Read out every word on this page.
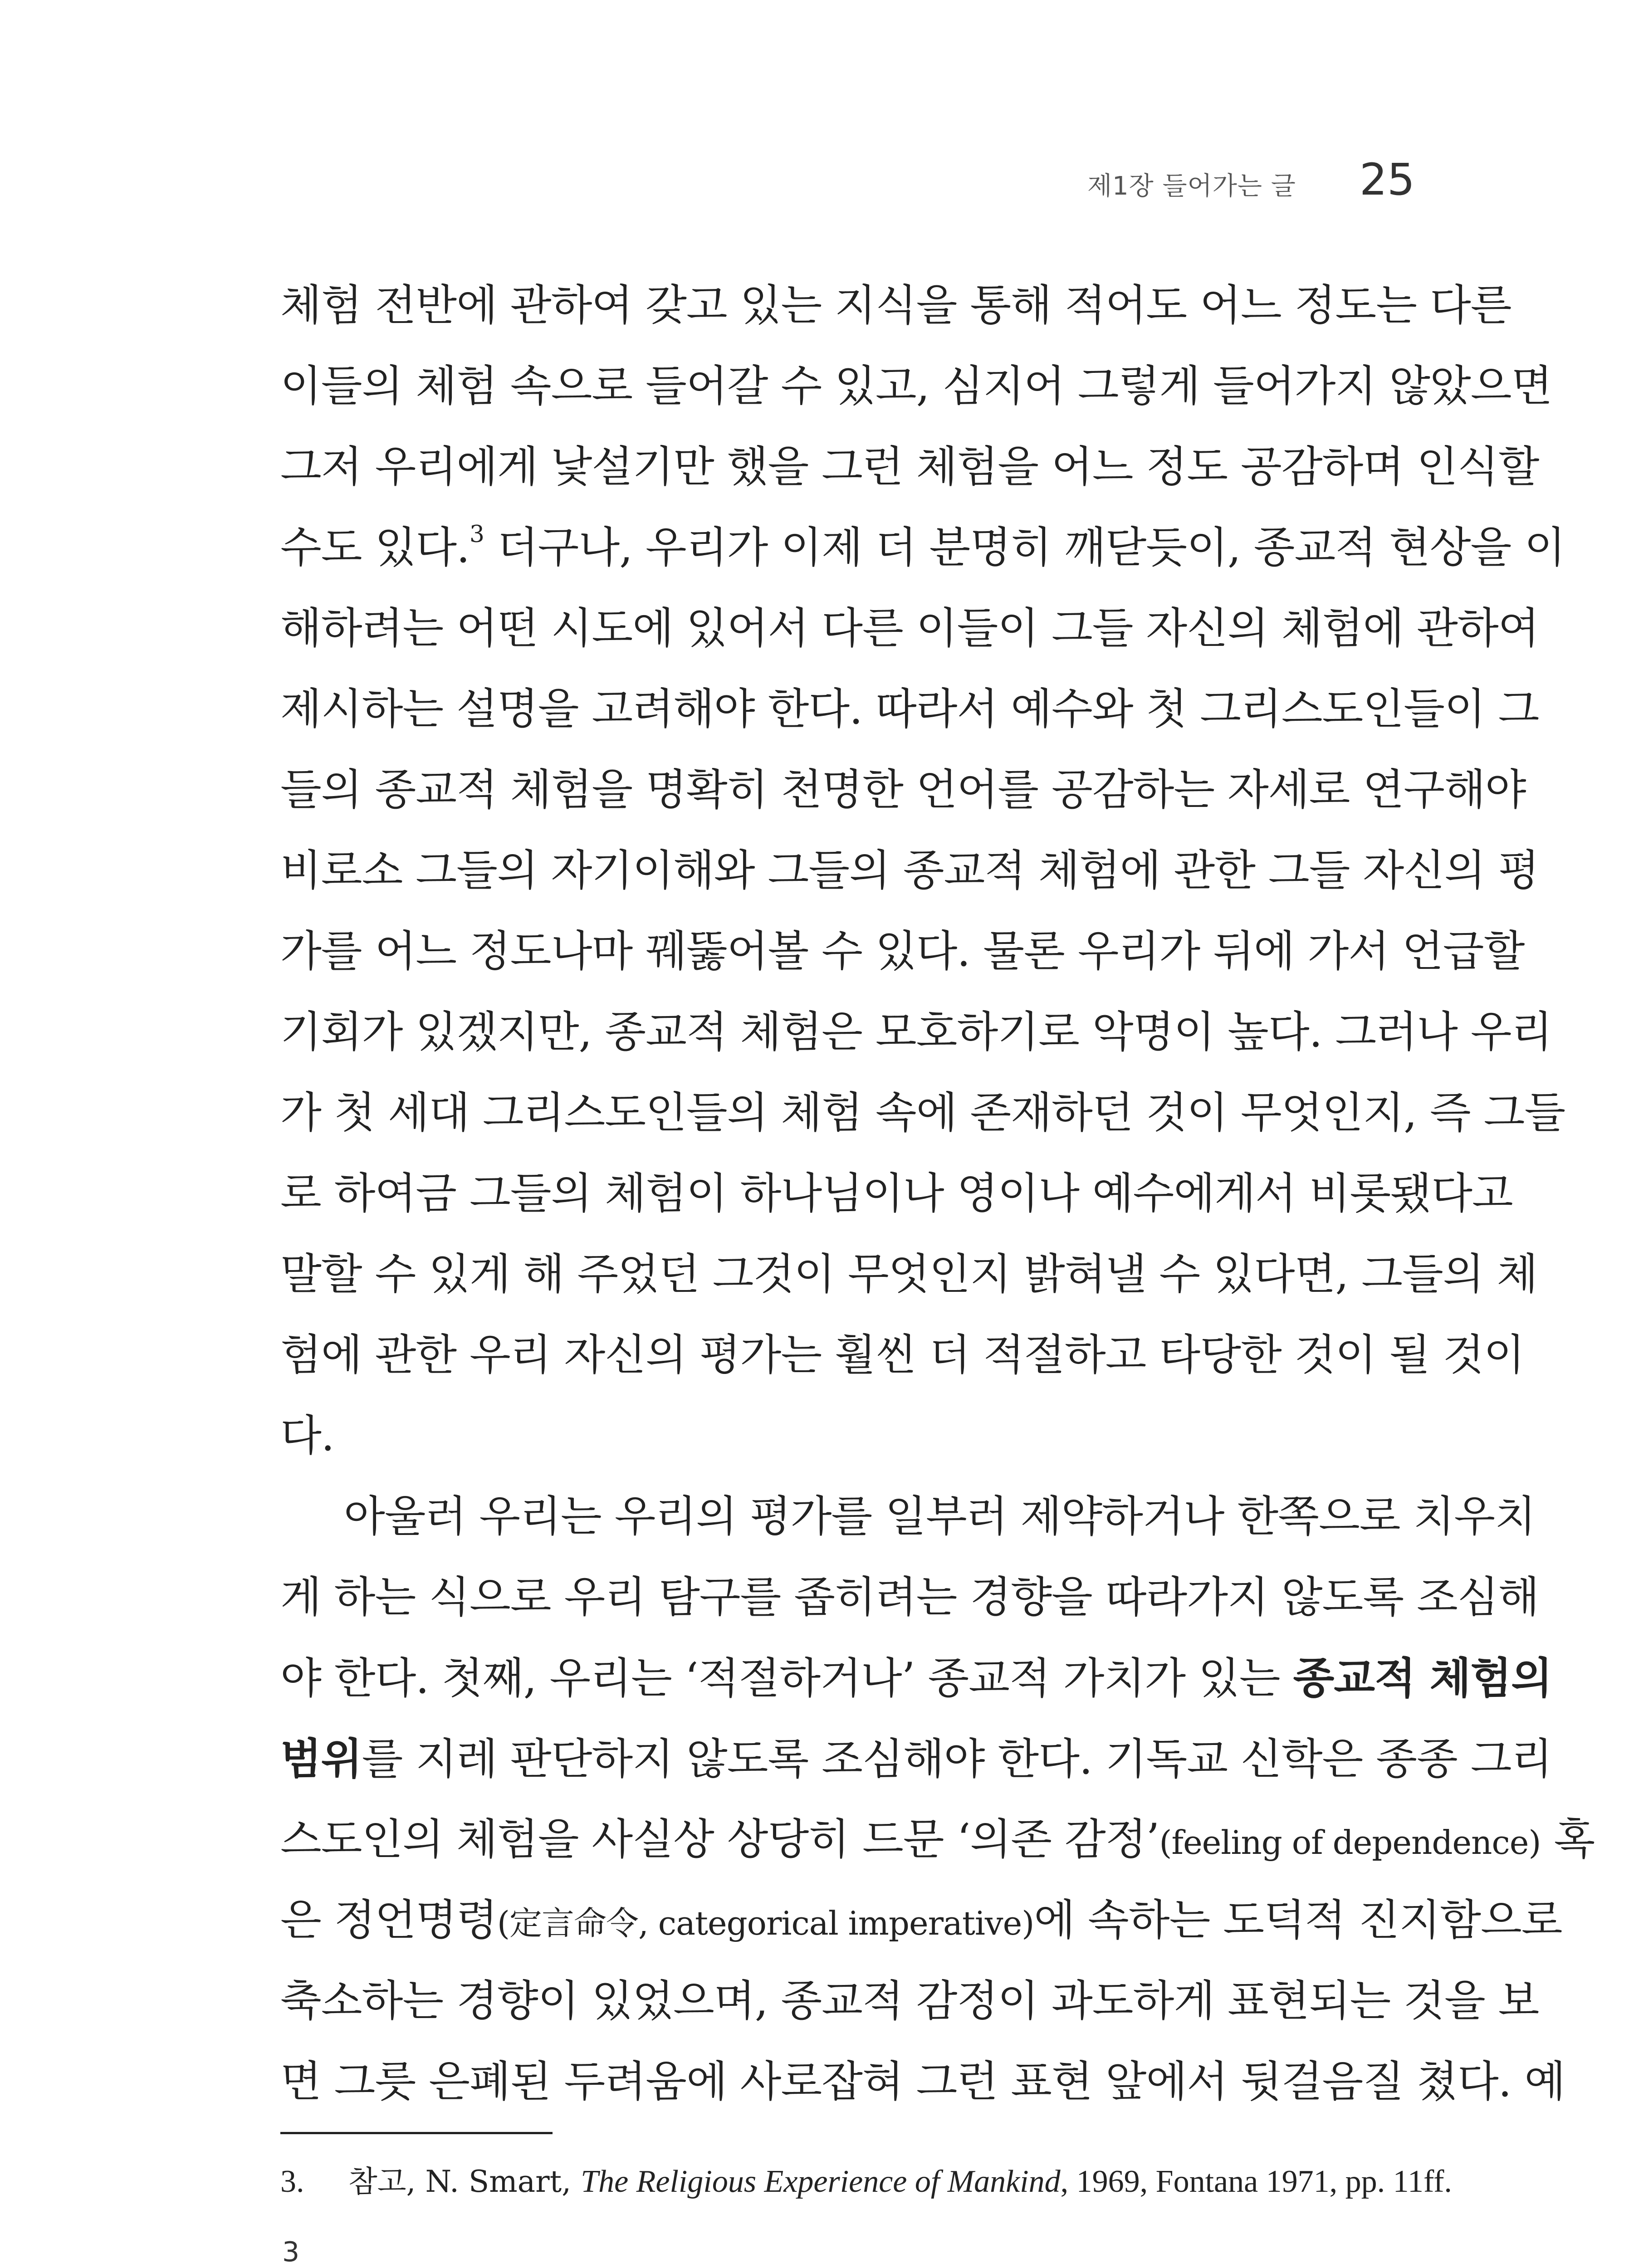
제1장 들어가는 글 25
체험 전반에 관하여 갖고 있는 지식을 통해 적어도 어느 정도는 다른
이들의 체험 속으로 들어갈 수 있고, 심지어 그렇게 들어가지 않았으면
그저 우리에게 낯설기만 했을 그런 체험을 어느 정도 공감하며 인식할
수도 있다.$^3$ 더구나, 우리가 이제 더 분명히 깨닫듯이, 종교적 현상을 이
해하려는 어떤 시도에 있어서 다른 이들이 그들 자신의 체험에 관하여
제시하는 설명을 고려해야 한다. 따라서 예수와 첫 그리스도인들이 그
들의 종교적 체험을 명확히 천명한 언어를 공감하는 자세로 연구해야
비로소 그들의 자기이해와 그들의 종교적 체험에 관한 그들 자신의 평
가를 어느 정도나마 꿰뚫어볼 수 있다. 물론 우리가 뒤에 가서 언급할
기회가 있겠지만, 종교적 체험은 모호하기로 악명이 높다. 그러나 우리
가 첫 세대 그리스도인들의 체험 속에 존재하던 것이 무엇인지, 즉 그들
로 하여금 그들의 체험이 하나님이나 영이나 예수에게서 비롯됐다고
말할 수 있게 해 주었던 그것이 무엇인지 밝혀낼 수 있다면, 그들의 체
험에 관한 우리 자신의 평가는 훨씬 더 적절하고 타당한 것이 될 것이
다.
아울러 우리는 우리의 평가를 일부러 제약하거나 한쪽으로 치우치
게 하는 식으로 우리 탐구를 좁히려는 경향을 따라가지 않도록 조심해
야 한다. 첫째, 우리는 ‘적절하거나’ 종교적 가치가 있는 종교적 체험의
범위를 지레 판단하지 않도록 조심해야 한다. 기독교 신학은 종종 그리
스도인의 체험을 사실상 상당히 드문 ‘의존 감정’(feeling of dependence) 혹
은 정언명령(定言命令, categorical imperative)에 속하는 도덕적 진지함으로
축소하는 경향이 있었으며, 종교적 감정이 과도하게 표현되는 것을 보
면 그릇 은폐된 두려움에 사로잡혀 그런 표현 앞에서 뒷걸음질 쳤다. 예
3. 참고, N. Smart, The Religious Experience of Mankind, 1969, Fontana 1971, pp. 11ff.
3
